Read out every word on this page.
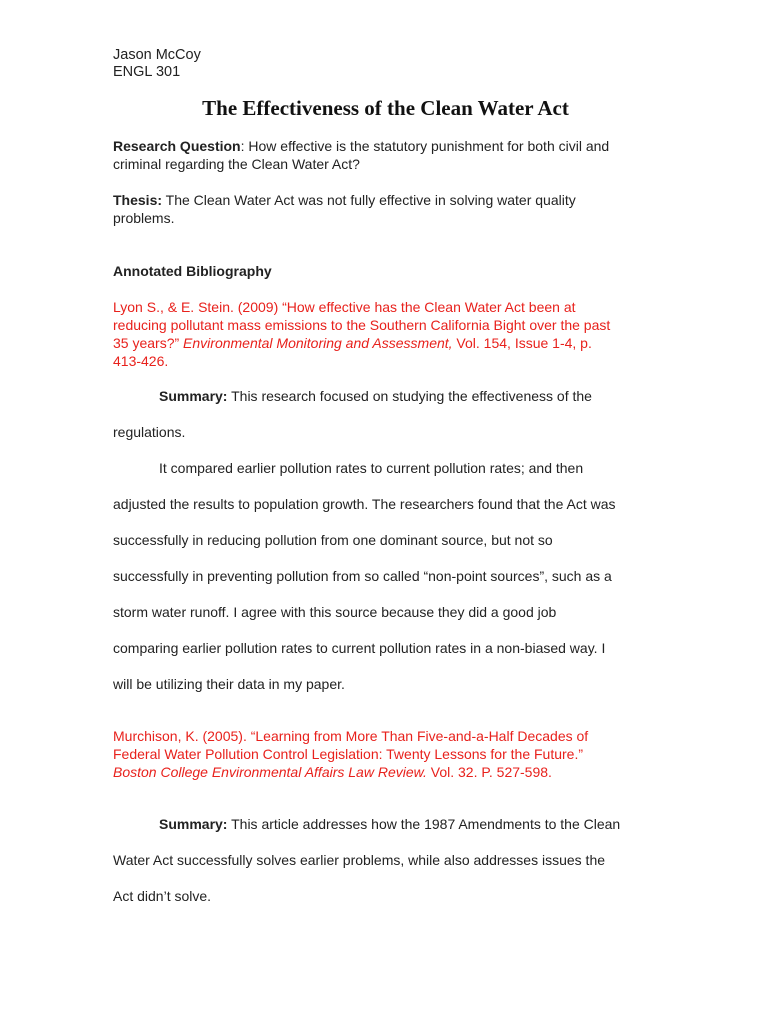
Jason McCoy
ENGL 301
The Effectiveness of the Clean Water Act

Research Question: How effective is the statutory punishment for both civil and
criminal regarding the Clean Water Act?

Thesis: The Clean Water Act was not fully effective in solving water quality
problems.

Annotated Bibliography
Lyon S., & E. Stein. (2009) “How effective has the Clean Water Act been at
reducing pollutant mass emissions to the Southern California Bight over the past
35 years?” Environmental Monitoring and Assessment, Vol. 154, Issue 1-4, p.
413-426.
Summary: This research focused on studying the effectiveness of the
regulations.
It compared earlier pollution rates to current pollution rates; and then
adjusted the results to population growth. The researchers found that the Act was
successfully in reducing pollution from one dominant source, but not so
successfully in preventing pollution from so called “non-point sources”, such as a
storm water runoff. I agree with this source because they did a good job
comparing earlier pollution rates to current pollution rates in a non-biased way. I
will be utilizing their data in my paper.
Murchison, K. (2005). “Learning from More Than Five-and-a-Half Decades of
Federal Water Pollution Control Legislation: Twenty Lessons for the Future.”
Boston College Environmental Affairs Law Review. Vol. 32. P. 527-598.
Summary: This article addresses how the 1987 Amendments to the Clean
Water Act successfully solves earlier problems, while also addresses issues the
Act didn’t solve.
